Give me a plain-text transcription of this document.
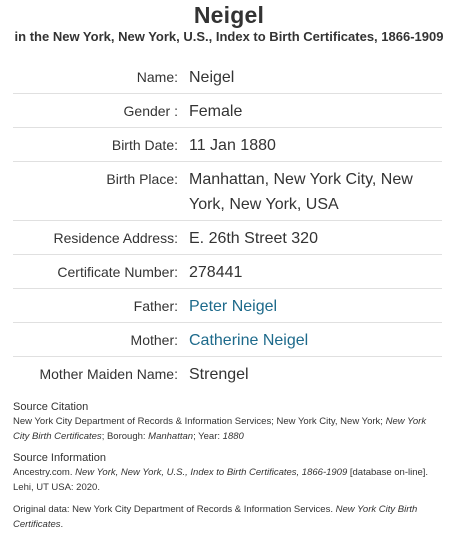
Neigel
in the New York, New York, U.S., Index to Birth Certificates, 1866-1909
Name: Neigel
Gender : Female
Birth Date: 11 Jan 1880
Birth Place: Manhattan, New York City, New York, New York, USA
Residence Address: E. 26th Street 320
Certificate Number: 278441
Father: Peter Neigel
Mother: Catherine Neigel
Mother Maiden Name: Strengel
Source Citation
New York City Department of Records & Information Services; New York City, New York; New York City Birth Certificates; Borough: Manhattan; Year: 1880
Source Information
Ancestry.com. New York, New York, U.S., Index to Birth Certificates, 1866-1909 [database on-line]. Lehi, UT USA: 2020.
Original data: New York City Department of Records & Information Services. New York City Birth Certificates.
